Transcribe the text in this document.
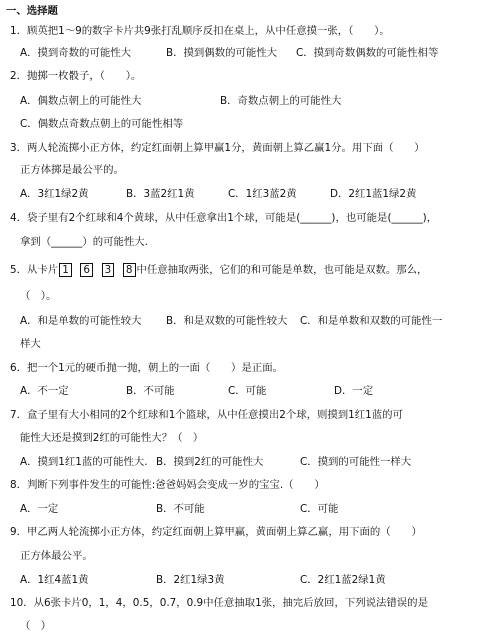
一、选择题
1．顾英把1～9的数字卡片共9张打乱顺序反扣在桌上，从中任意摸一张，（　　）。
A．摸到奇数的可能性大	B．摸到偶数的可能性大 C．摸到奇数偶数的可能性相等
2．抛掷一枚骰子，（　　）。
A．偶数点朝上的可能性大	B．奇数点朝上的可能性大
C．偶数点奇数点朝上的可能性相等
3．两人轮流掷小正方体，约定红面朝上算甲赢1分，黄面朝上算乙赢1分。用下面（　　）
正方体掷是最公平的。
A．3红1绿2黄	B．3蓝2红1黄	C．1红3蓝2黄	D．2红1蓝1绿2黄
4．袋子里有2个红球和4个黄球，从中任意拿出1个球，可能是(______)，也可能是(______)，
拿到（______）的可能性大.
5．从卡片 1 6 3 8 中任意抽取两张，它们的和可能是单数，也可能是双数。那么，
（　）。
A．和是单数的可能性较大 B．和是双数的可能性较大 C．和是单数和双数的可能性一
样大
6．把一个1元的硬币抛一抛，朝上的一面（　　）是正面。
A．不一定	B．不可能	C．可能	D．一定
7．盒子里有大小相同的2个红球和1个篮球，从中任意摸出2个球，则摸到1红1蓝的可
能性大还是摸到2红的可能性大？（　）
A．摸到1红1蓝的可能性大. B．摸到2红的可能性大	C．摸到的可能性一样大
8．判断下列事件发生的可能性:爸爸妈妈会变成一岁的宝宝.（　　）
A．一定	B．不可能	C．可能
9．甲乙两人轮流掷小正方体，约定红面朝上算甲赢，黄面朝上算乙赢，用下面的（　　）
正方体最公平。
A．1红4蓝1黄	B．2红1绿3黄	C．2红1蓝2绿1黄
10．从6张卡片0，1，4，0.5，0.7，0.9中任意抽取1张，抽完后放回，下列说法错误的是
（　）
